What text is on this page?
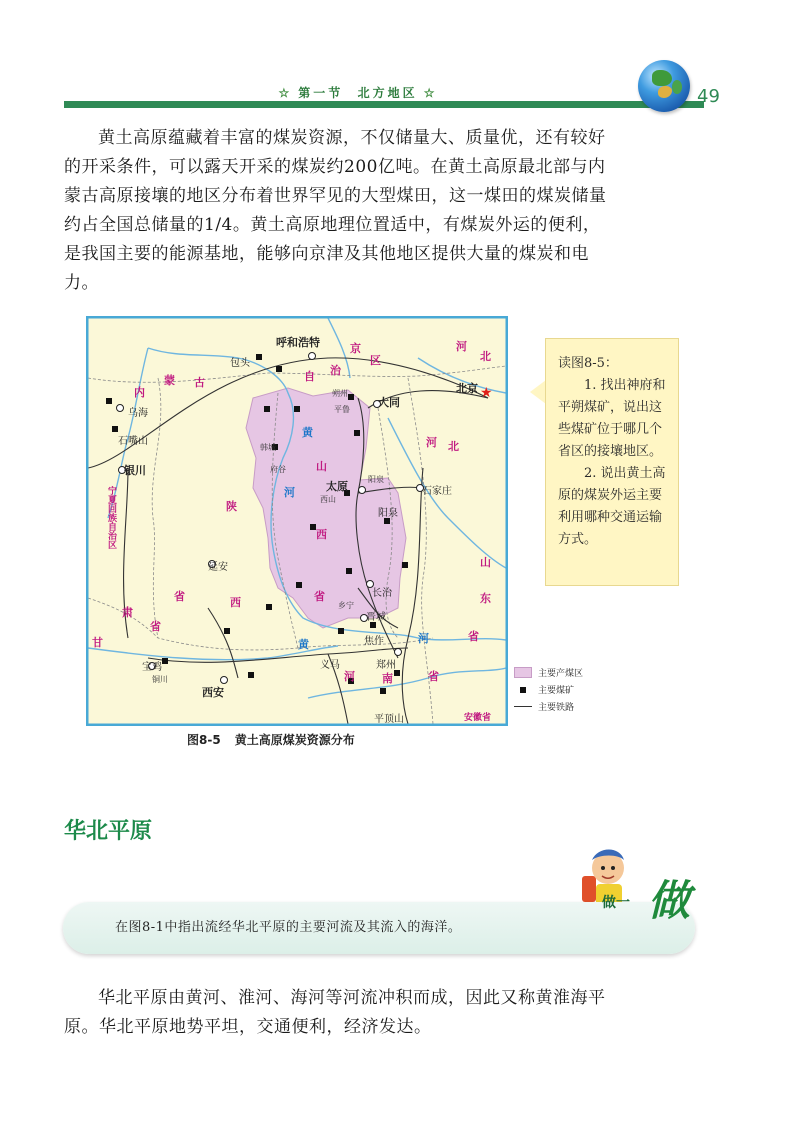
☆ 第一节 北方地区 ☆	49

黄土高原蕴藏着丰富的煤炭资源，不仅储量大、质量优，还有较好的开采条件，可以露天开采的煤炭约200亿吨。在黄土高原最北部与内蒙古高原接壤的地区分布着世界罕见的大型煤田，这一煤田的煤炭储量约占全国总储量的1/4。黄土高原地理位置适中，有煤炭外运的便利，是我国主要的能源基地，能够向京津及其他地区提供大量的煤炭和电力。

★
呼和浩特
包头
乌海
石嘴山
银川
大同
朔州
平鲁
府谷
北京
太原
西山
阳泉
石家庄
阳泉
长治
晋城
焦作
延安
西安
义马	郑州
平顶山
宝鸡
铜川
乡宁
韩城
内
蒙 古	自 治
区
河 北
山
西
省
陕
西
省
甘
肃
省
宁夏回族自治区
山
东
省
河 南	省
京
北
河
安徽省
黄
河
黄	河

读图8-5：

1. 找出神府和平朔煤矿，说出这些煤矿位于哪几个省区的接壤地区。

2. 说出黄土高原的煤炭外运主要利用哪种交通运输方式。

主要产煤区
主要煤矿
主要铁路
图8-5 黄土高原煤炭资源分布
华北平原
在图8-1中指出流经华北平原的主要河流及其流入的海洋。
做一 做

华北平原由黄河、淮河、海河等河流冲积而成，因此又称黄淮海平原。华北平原地势平坦，交通便利，经济发达。
